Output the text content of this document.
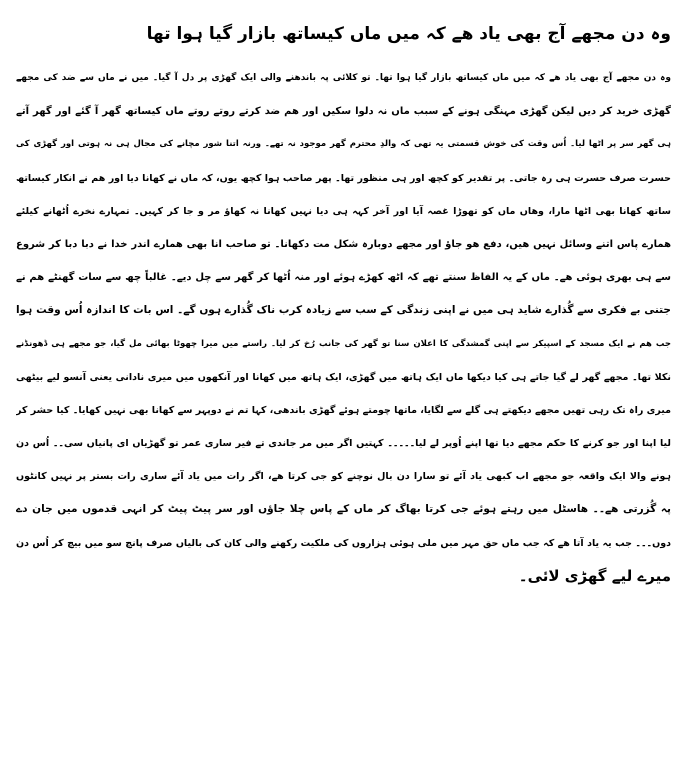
وہ دن مجھے آج بھی یاد ھے کہ میں ماں کیساتھ بازار گیا ہوا تھا

وہ دن مجھے آج بھی یاد ھے کہ میں ماں کیساتھ بازار گیا ہوا تھا۔ تو کلائی پہ باندھنے والی ایک گھڑی پر دل آ گیا۔ میں نے ماں سے ضد کی مجھے

گھڑی خرید کر دیں لیکن گھڑی مہنگی ہونے کے سبب ماں نہ دلوا سکیں اور ھم ضد کرتے روتے روتے ماں کیساتھ گھر آ گئے اور گھر آتے

ہی گھر سر پر اٹھا لیا۔ اُس وقت کی خوش قسمتی یہ تھی کہ والدِ محترم گھر موجود نہ تھے۔ ورنہ اتنا شور مچانے کی مجال ہی نہ ہوتی اور گھڑی کی

حسرت صرف حسرت ہی رہ جاتی۔ پر تقدیر کو کچھ اور ہی منظور تھا۔ پھر صاحب ہوا کچھ یوں، کہ ماں نے کھانا دیا اور ھم نے انکار کیساتھ

ساتھ کھانا بھی اٹھا مارا، وھاں ماں کو تھوڑا غصہ آیا اور آخر کہہ ہی دیا نہیں کھانا نہ کھاؤ مر و جا کر کہیں۔ تمہارے نخرے اُٹھانے کیلئے

ھمارے پاس اتنے وسائل نہیں ھیں، دفع ھو جاؤ اور مجھے دوبارہ شکل مت دکھانا۔ تو صاحب انا بھی ھمارے اندر خدا نے دبا دبا کر شروع

سے ہی بھری ہوئی ھے۔ ماں کے یہ الفاظ سنتے تھے کہ اٹھ کھڑے ہوئے اور منہ اُٹھا کر گھر سے چل دیے۔ غالباً چھ سے سات گھنٹے ھم نے

جتنی بے فکری سے گُذارے شاید ہی میں نے اپنی زندگی کے سب سے زیادہ کرب ناک گُذارے ہوں گے۔ اس بات کا اندازہ اُس وقت ہوا

جب ھم نے ایک مسجد کے اسپیکر سے اپنی گمشدگی کا اعلان سنا تو گھر کی جانب رُخ کر لیا۔ راستے میں میرا چھوٹا بھائی مل گیا، جو مجھے ہی ڈھونڈنے

نکلا تھا۔ مجھے گھر لے گیا جاتے ہی کیا دیکھا ماں ایک ہاتھ میں گھڑی، ایک ہاتھ میں کھانا اور آنکھوں میں میری نادانی یعنی آنسو لیے بیٹھی

میری راہ تک رہی تھیں مجھے دیکھتے ہی گلے سے لگایا، ماتھا چومتے ہوئے گھڑی باندھی، کہا تم نے دوپہر سے کھانا بھی نہیں کھایا۔ کیا حشر کر

لیا اپنا اور جو کرنے کا حکم مجھے دیا تھا اپنے اُوپر لے لیا۔۔۔۔۔ کہتیں اگر میں مر جاندی تے فیر ساری عمر تو گھڑیاں ای پانیاں سی۔۔ اُس دن

ہونے والا ایک واقعہ جو مجھے اب کبھی یاد آئے تو سارا دن بال نوچنے کو جی کرتا ھے، اگر رات میں یاد آئے ساری رات بستر پر نہیں کانٹوں

پہ گُزرتی ھے۔۔ ھاسٹل میں رہتے ہوئے جی کرتا بھاگ کر ماں کے پاس چلا جاؤں اور سر پیٹ پیٹ کر انہی قدموں میں جان دے

دوں۔۔۔ جب یہ یاد آتا ھے کہ جب ماں حق مہر میں ملی ہوئی ہزاروں کی ملکیت رکھنے والی کان کی بالیاں صرف پانچ سو میں بیچ کر اُس دن

میرے لیے گھڑی لائی۔
